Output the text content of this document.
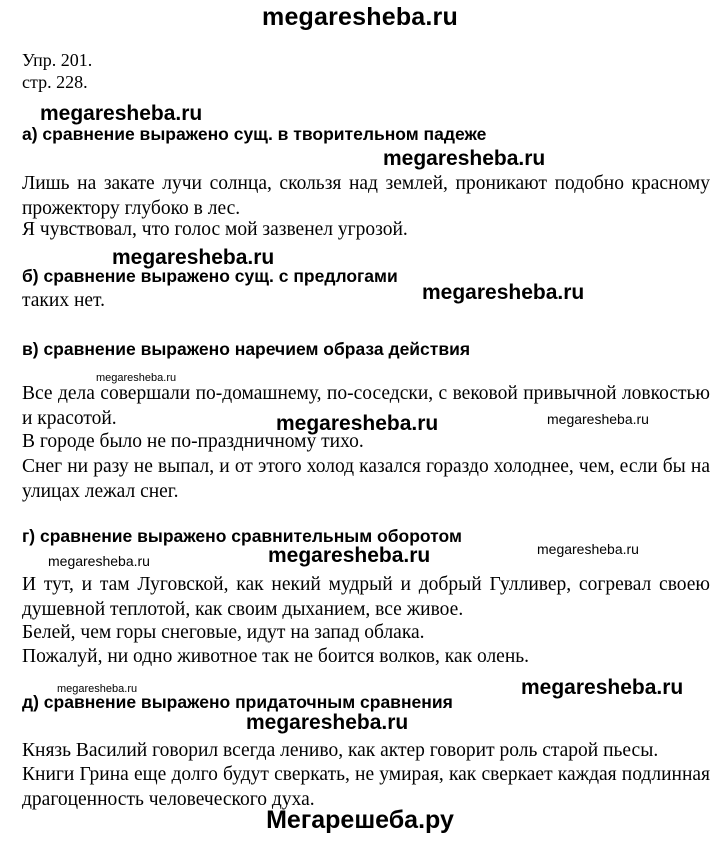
megaresheba.ru
Упр. 201.
стр. 228.
megaresheba.ru
а) сравнение выражено сущ. в творительном падеже
megaresheba.ru
Лишь на закате лучи солнца, скользя над землей, проникают подобно красному прожектору глубоко в лес.
Я чувствовал, что голос мой зазвенел угрозой.
megaresheba.ru
б) сравнение выражено сущ. с предлогами
таких нет.	megaresheba.ru
в) сравнение выражено наречием образа действия
megaresheba.ru
Все дела совершали по-домашнему, по-соседски, с вековой привычной ловкостью и красотой.	megaresheba.ru	megaresheba.ru
В городе было не по-праздничному тихо.
Снег ни разу не выпал, и от этого холод казался гораздо холоднее, чем, если бы на улицах лежал снег.
г) сравнение выражено сравнительным оборотом
megaresheba.ru	megaresheba.ru	megaresheba.ru
И тут, и там Луговской, как некий мудрый и добрый Гулливер, согревал своею душевной теплотой, как своим дыханием, все живое.
Белей, чем горы снеговые, идут на запад облака.
Пожалуй, ни одно животное так не боится волков, как олень.
megaresheba.ru	megaresheba.ru
д) сравнение выражено придаточным сравнения
megaresheba.ru
Князь Василий говорил всегда лениво, как актер говорит роль старой пьесы.
Книги Грина еще долго будут сверкать, не умирая, как сверкает каждая подлинная драгоценность человеческого духа.
Мегарешеба.ру
